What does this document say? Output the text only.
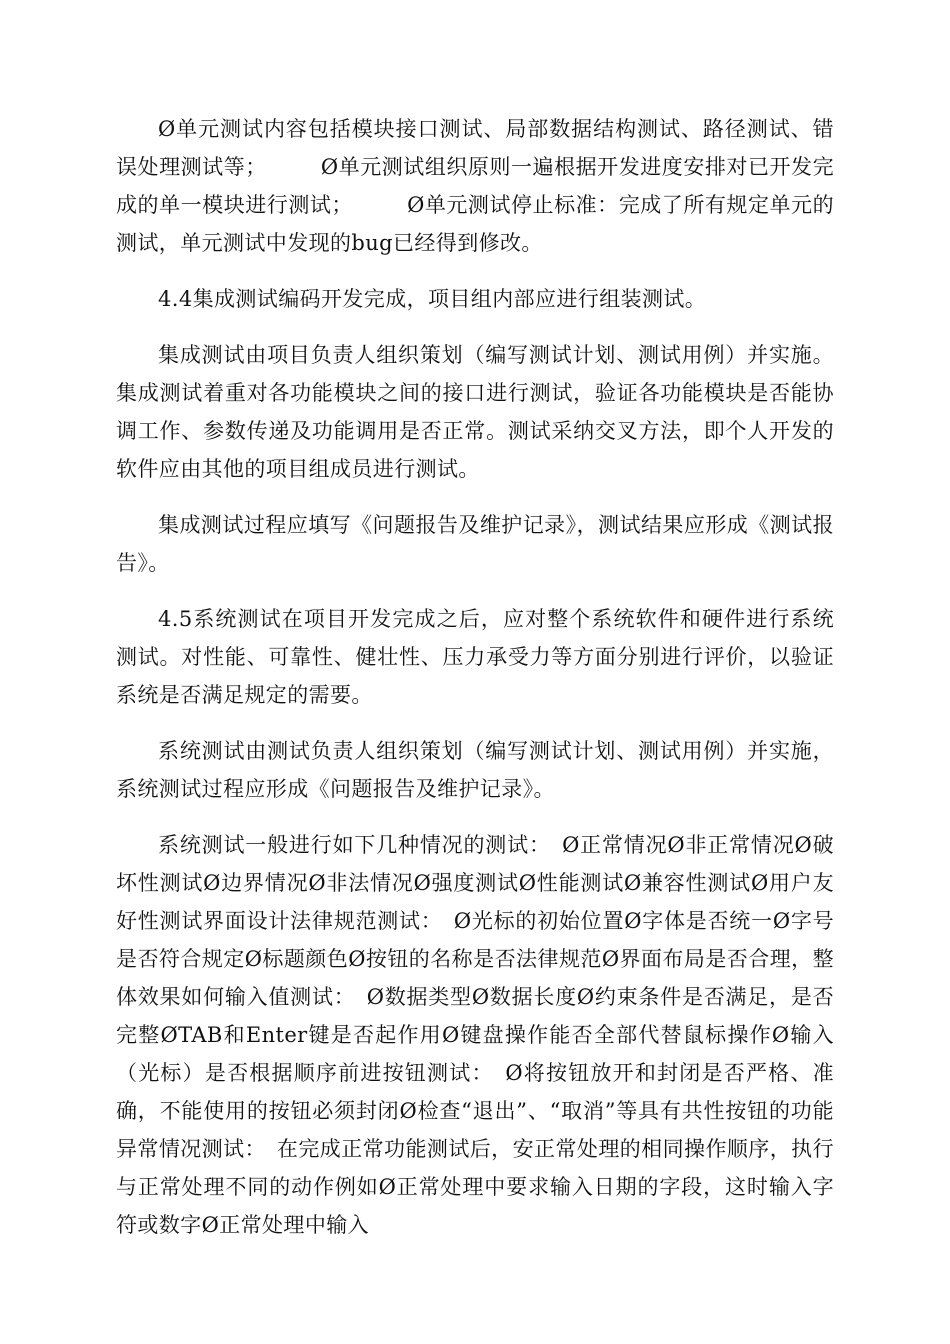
Ø单元测试内容包括模块接口测试、局部数据结构测试、路径测试、错误处理测试等；　　　Ø单元测试组织原则一遍根据开发进度安排对已开发完成的单一模块进行测试；　　　Ø单元测试停止标准：完成了所有规定单元的测试，单元测试中发现的bug已经得到修改。

4.4集成测试编码开发完成，项目组内部应进行组装测试。

集成测试由项目负责人组织策划（编写测试计划、测试用例）并实施。集成测试着重对各功能模块之间的接口进行测试，验证各功能模块是否能协调工作、参数传递及功能调用是否正常。测试采纳交叉方法，即个人开发的软件应由其他的项目组成员进行测试。

集成测试过程应填写《问题报告及维护记录》，测试结果应形成《测试报告》。

4.5系统测试在项目开发完成之后，应对整个系统软件和硬件进行系统测试。对性能、可靠性、健壮性、压力承受力等方面分别进行评价，以验证系统是否满足规定的需要。

系统测试由测试负责人组织策划（编写测试计划、测试用例）并实施，系统测试过程应形成《问题报告及维护记录》。

系统测试一般进行如下几种情况的测试：　Ø正常情况Ø非正常情况Ø破坏性测试Ø边界情况Ø非法情况Ø强度测试Ø性能测试Ø兼容性测试Ø用户友好性测试界面设计法律规范测试：　Ø光标的初始位置Ø字体是否统一Ø字号是否符合规定Ø标题颜色Ø按钮的名称是否法律规范Ø界面布局是否合理，整体效果如何输入值测试：　Ø数据类型Ø数据长度Ø约束条件是否满足，是否完整ØTAB和Enter键是否起作用Ø键盘操作能否全部代替鼠标操作Ø输入（光标）是否根据顺序前进按钮测试：　Ø将按钮放开和封闭是否严格、准确，不能使用的按钮必须封闭Ø检查“退出”、“取消”等具有共性按钮的功能异常情况测试：　在完成正常功能测试后，安正常处理的相同操作顺序，执行与正常处理不同的动作例如Ø正常处理中要求输入日期的字段，这时输入字符或数字Ø正常处理中输入
